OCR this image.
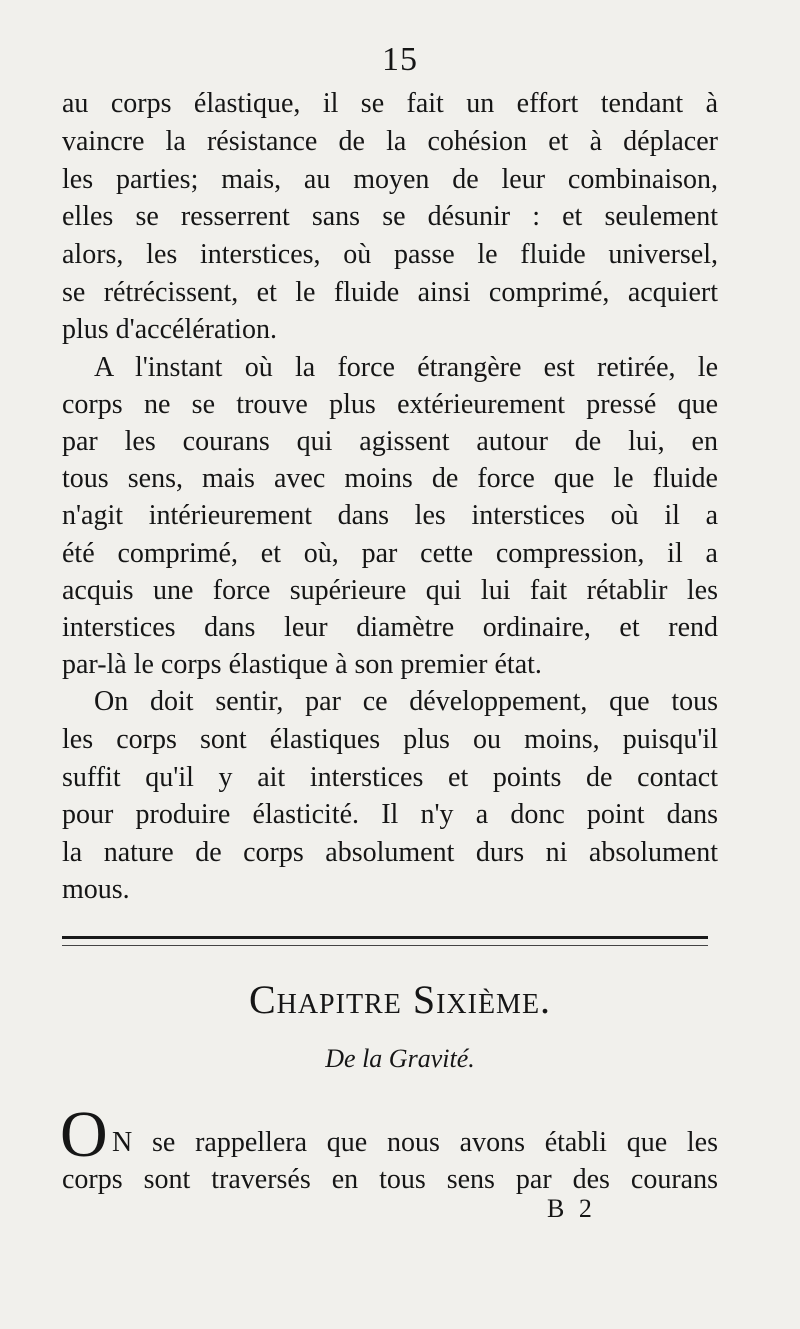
15
au corps élastique, il se fait un effort tendant à
vaincre la résistance de la cohésion et à déplacer
les parties; mais, au moyen de leur combinaison,
elles se resserrent sans se désunir : et seulement
alors, les interstices, où passe le fluide universel,
se rétrécissent, et le fluide ainsi comprimé, acquiert
plus d'accélération.
A l'instant où la force étrangère est retirée, le
corps ne se trouve plus extérieurement pressé que
par les courans qui agissent autour de lui, en
tous sens, mais avec moins de force que le fluide
n'agit intérieurement dans les interstices où il a
été comprimé, et où, par cette compression, il a
acquis une force supérieure qui lui fait rétablir les
interstices dans leur diamètre ordinaire, et rend
par-là le corps élastique à son premier état.
On doit sentir, par ce développement, que tous
les corps sont élastiques plus ou moins, puisqu'il
suffit qu'il y ait interstices et points de contact
pour produire élasticité. Il n'y a donc point dans
la nature de corps absolument durs ni absolument
mous.
Chapitre Sixième.
De la Gravité.
O N se rappellera que nous avons établi que les
corps sont traversés en tous sens par des courans
B 2
